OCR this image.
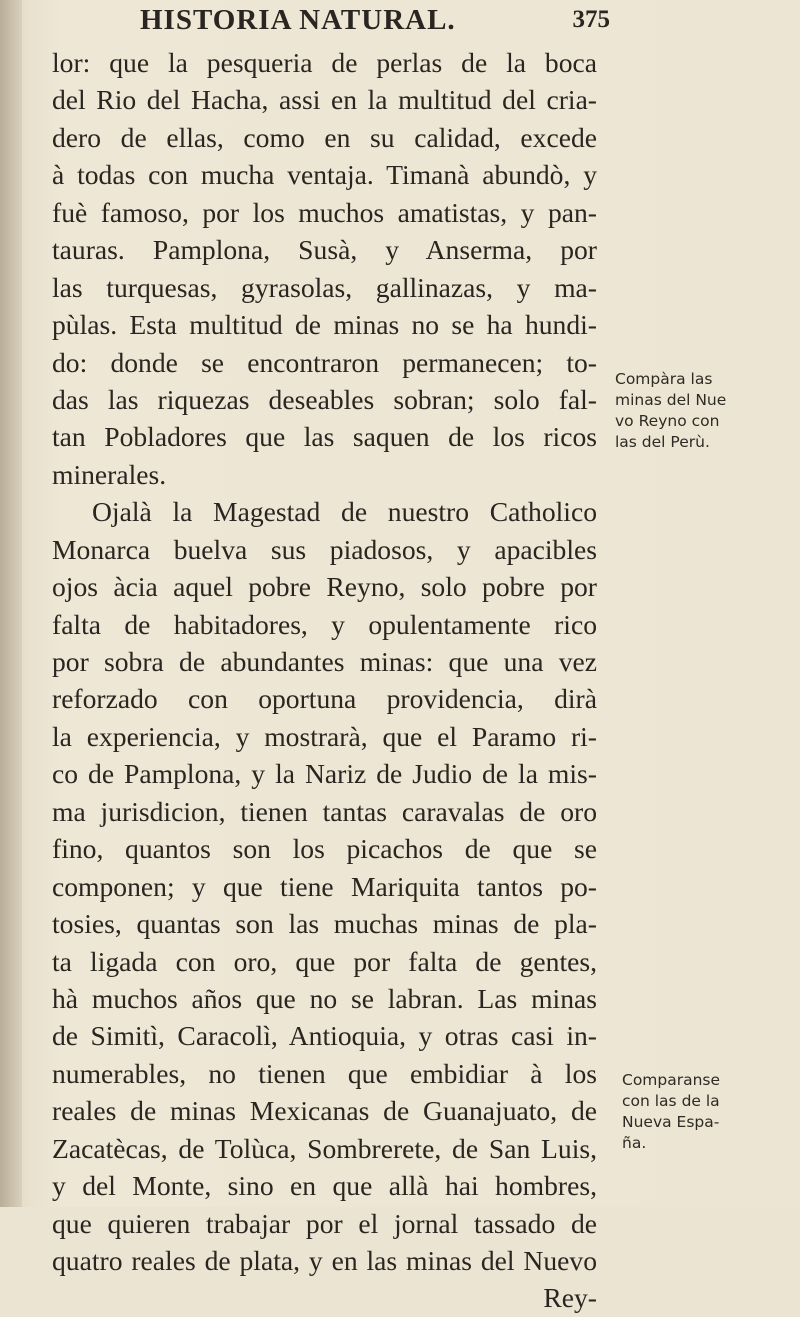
HISTORIA NATURAL.	375
lor: que la pesqueria de perlas de la boca
del Rio del Hacha, assi en la multitud del cria-
dero de ellas, como en su calidad, excede
à todas con mucha ventaja. Timanà abundò, y
fuè famoso, por los muchos amatistas, y pan-
tauras. Pamplona, Susà, y Anserma, por
las turquesas, gyrasolas, gallinazas, y ma-
pùlas. Esta multitud de minas no se ha hundi-
do: donde se encontraron permanecen; to-
das las riquezas deseables sobran; solo fal-
tan Pobladores que las saquen de los ricos
minerales.
Ojalà la Magestad de nuestro Catholico
Monarca buelva sus piadosos, y apacibles
ojos àcia aquel pobre Reyno, solo pobre por
falta de habitadores, y opulentamente rico
por sobra de abundantes minas: que una vez
reforzado con oportuna providencia, dirà
la experiencia, y mostrarà, que el Paramo ri-
co de Pamplona, y la Nariz de Judio de la mis-
ma jurisdicion, tienen tantas caravalas de oro
fino, quantos son los picachos de que se
componen; y que tiene Mariquita tantos po-
tosies, quantas son las muchas minas de pla-
ta ligada con oro, que por falta de gentes,
hà muchos años que no se labran. Las minas
de Simitì, Caracolì, Antioquia, y otras casi in-
numerables, no tienen que embidiar à los
reales de minas Mexicanas de Guanajuato, de
Zacatècas, de Tolùca, Sombrerete, de San Luis,
y del Monte, sino en que allà hai hombres,
que quieren trabajar por el jornal tassado de
quatro reales de plata, y en las minas del Nuevo
Rey-
Compàra las
minas del Nue
vo Reyno con
las del Perù.
Comparanse
con las de la
Nueva Espa-
ña.
